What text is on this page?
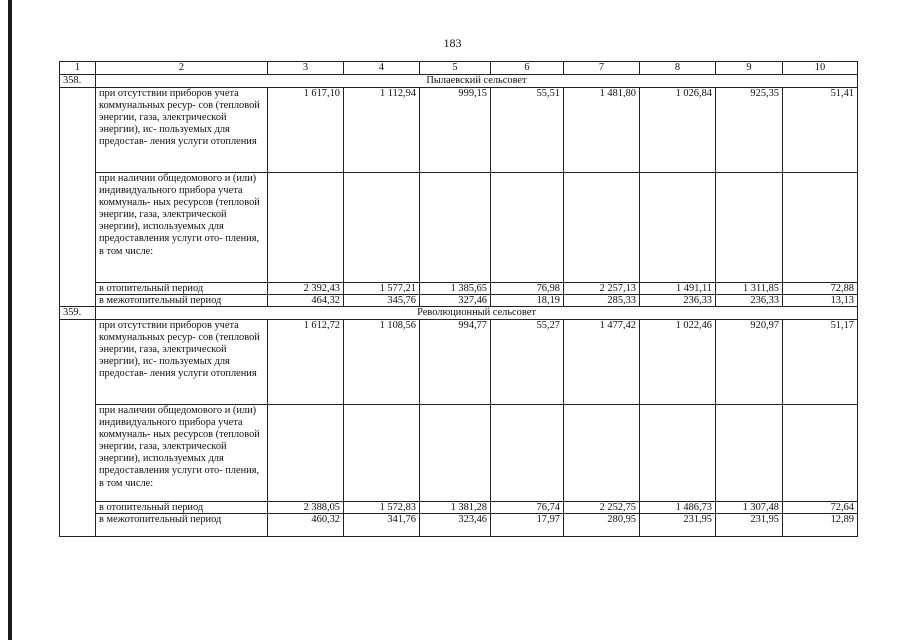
183
1	2	3	4	5	6	7	8	9	10
358.	Пылаевский сельсовет								
	при отсутствии приборов учета коммунальных ресур- сов (тепловой энергии, газа, электрической энергии), ис- пользуемых для предостав- ления услуги отопления	1 617,10	1 112,94	999,15	55,51	1 481,80	1 026,84	925,35	51,41
	при наличии общедомового и (или) индивидуального прибора учета коммуналь- ных ресурсов (тепловой энергии, газа, электрической энергии), используемых для предоставления услуги ото- пления, в том числе:								
	в отопительный период	2 392,43	1 577,21	1 385,65	76,98	2 257,13	1 491,11	1 311,85	72,88
	в межотопительный период	464,32	345,76	327,46	18,19	285,33	236,33	236,33	13,13
359.	Революционный сельсовет								
	при отсутствии приборов учета коммунальных ресур- сов (тепловой энергии, газа, электрической энергии), ис- пользуемых для предостав- ления услуги отопления	1 612,72	1 108,56	994,77	55,27	1 477,42	1 022,46	920,97	51,17
	при наличии общедомового и (или) индивидуального прибора учета коммуналь- ных ресурсов (тепловой энергии, газа, электрической энергии), используемых для предоставления услуги ото- пления, в том числе:								
	в отопительный период	2 388,05	1 572,83	1 381,28	76,74	2 252,75	1 486,73	1 307,48	72,64
	в межотопительный период	460,32	341,76	323,46	17,97	280,95	231,95	231,95	12,89
